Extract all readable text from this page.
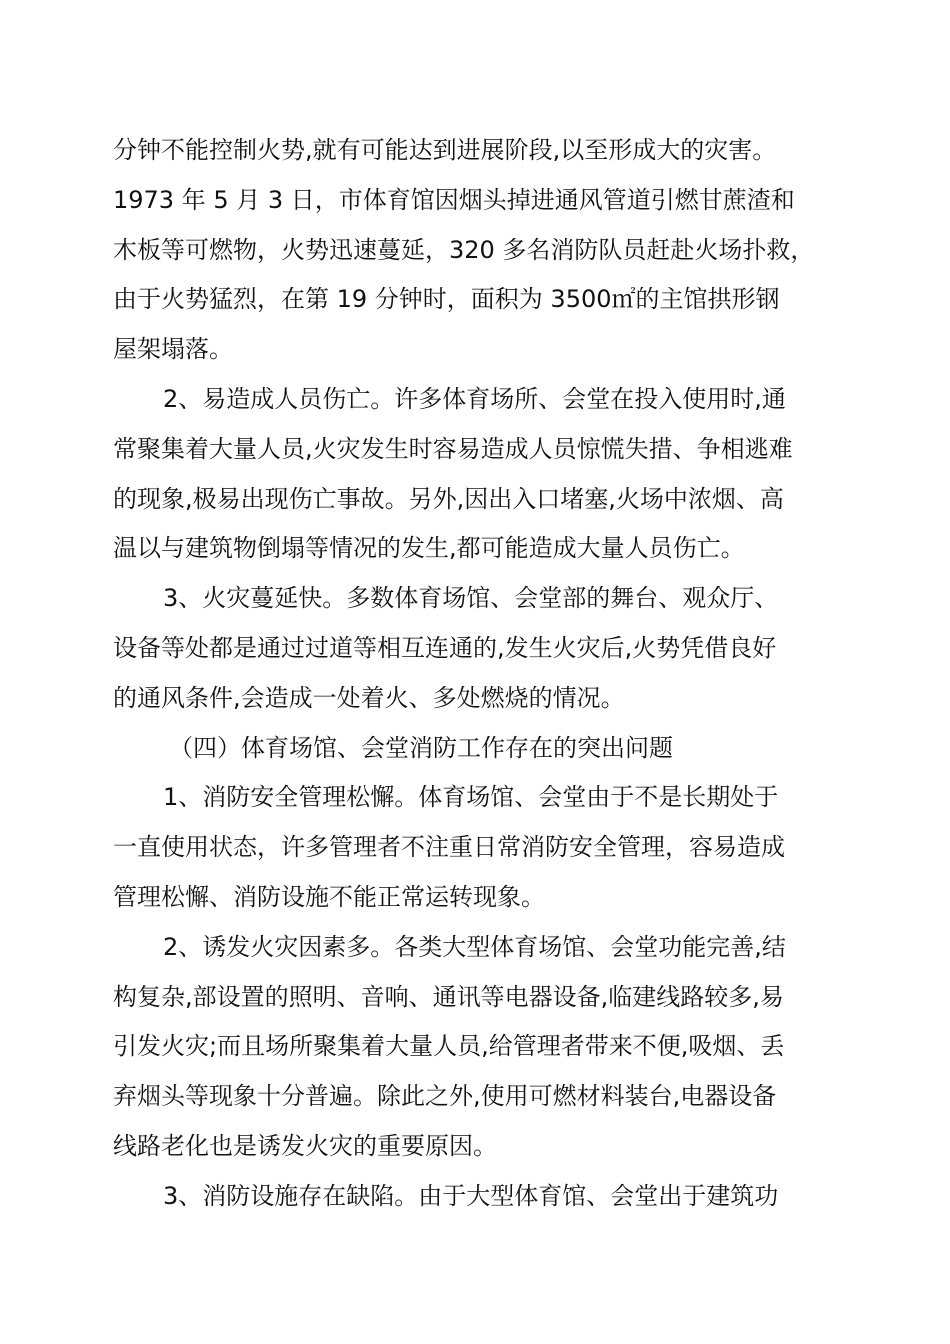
分钟不能控制火势,就有可能达到进展阶段,以至形成大的灾害。
1973 年 5 月 3 日，市体育馆因烟头掉进通风管道引燃甘蔗渣和
木板等可燃物，火势迅速蔓延，320 多名消防队员赶赴火场扑救，
由于火势猛烈，在第 19 分钟时，面积为 3500㎡的主馆拱形钢
屋架塌落。
2、易造成人员伤亡。许多体育场所、会堂在投入使用时,通
常聚集着大量人员,火灾发生时容易造成人员惊慌失措、争相逃难
的现象,极易出现伤亡事故。另外,因出入口堵塞,火场中浓烟、高
温以与建筑物倒塌等情况的发生,都可能造成大量人员伤亡。
3、火灾蔓延快。多数体育场馆、会堂部的舞台、观众厅、
设备等处都是通过过道等相互连通的,发生火灾后,火势凭借良好
的通风条件,会造成一处着火、多处燃烧的情况。
（四）体育场馆、会堂消防工作存在的突出问题
1、消防安全管理松懈。体育场馆、会堂由于不是长期处于
一直使用状态，许多管理者不注重日常消防安全管理，容易造成
管理松懈、消防设施不能正常运转现象。
2、诱发火灾因素多。各类大型体育场馆、会堂功能完善,结
构复杂,部设置的照明、音响、通讯等电器设备,临建线路较多,易
引发火灾;而且场所聚集着大量人员,给管理者带来不便,吸烟、丢
弃烟头等现象十分普遍。除此之外,使用可燃材料装台,电器设备
线路老化也是诱发火灾的重要原因。
3、消防设施存在缺陷。由于大型体育馆、会堂出于建筑功
